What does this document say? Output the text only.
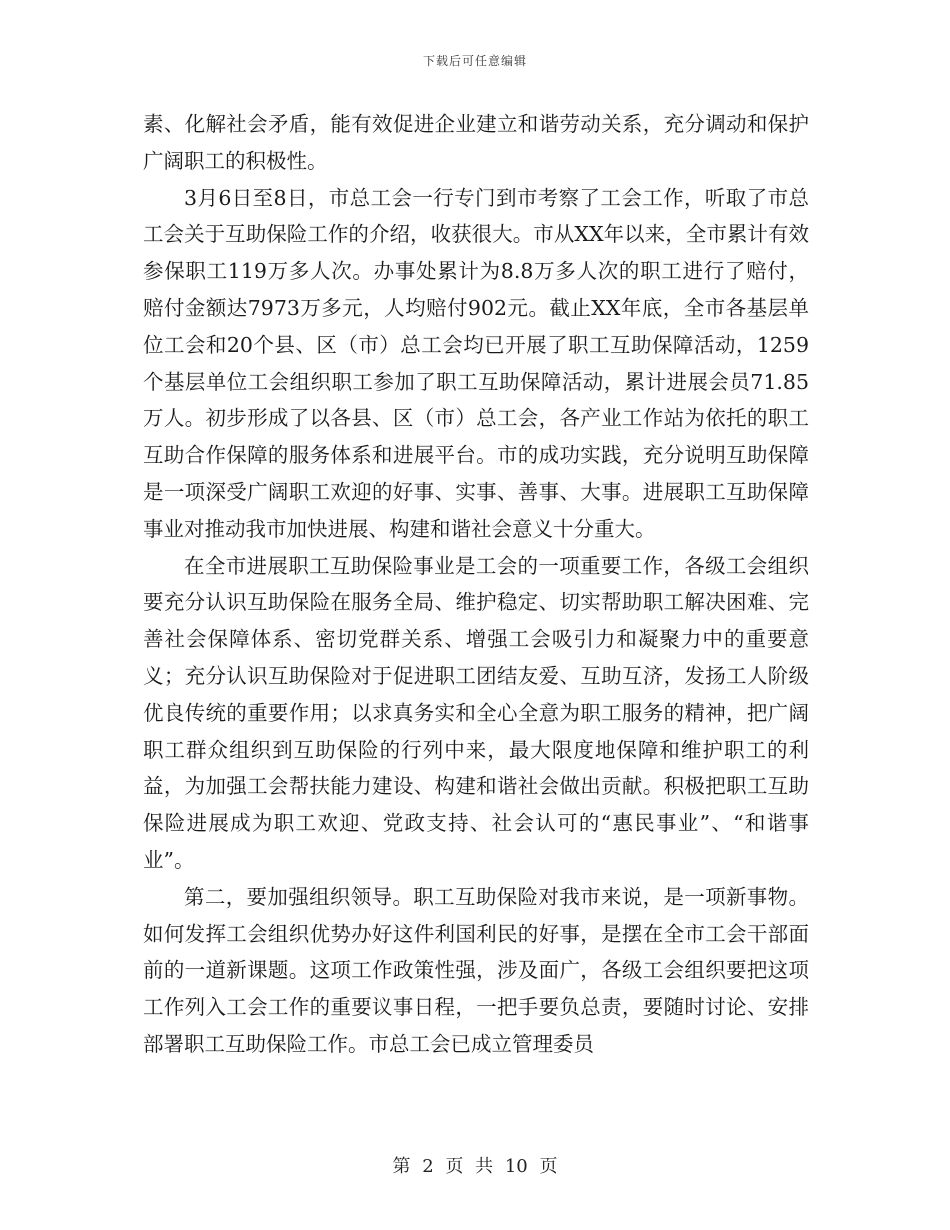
下载后可任意编辑

素、化解社会矛盾，能有效促进企业建立和谐劳动关系，充分调动和保护广阔职工的积极性。

3月6日至8日，市总工会一行专门到市考察了工会工作，听取了市总工会关于互助保险工作的介绍，收获很大。市从XX年以来，全市累计有效参保职工119万多人次。办事处累计为8.8万多人次的职工进行了赔付，赔付金额达7973万多元，人均赔付902元。截止XX年底，全市各基层单位工会和20个县、区（市）总工会均已开展了职工互助保障活动，1259个基层单位工会组织职工参加了职工互助保障活动，累计进展会员71.85万人。初步形成了以各县、区（市）总工会，各产业工作站为依托的职工互助合作保障的服务体系和进展平台。市的成功实践，充分说明互助保障是一项深受广阔职工欢迎的好事、实事、善事、大事。进展职工互助保障事业对推动我市加快进展、构建和谐社会意义十分重大。

在全市进展职工互助保险事业是工会的一项重要工作，各级工会组织要充分认识互助保险在服务全局、维护稳定、切实帮助职工解决困难、完善社会保障体系、密切党群关系、增强工会吸引力和凝聚力中的重要意义；充分认识互助保险对于促进职工团结友爱、互助互济，发扬工人阶级优良传统的重要作用；以求真务实和全心全意为职工服务的精神，把广阔职工群众组织到互助保险的行列中来，最大限度地保障和维护职工的利益，为加强工会帮扶能力建设、构建和谐社会做出贡献。积极把职工互助保险进展成为职工欢迎、党政支持、社会认可的“惠民事业”、“和谐事业”。

第二，要加强组织领导。职工互助保险对我市来说，是一项新事物。如何发挥工会组织优势办好这件利国利民的好事，是摆在全市工会干部面前的一道新课题。这项工作政策性强，涉及面广，各级工会组织要把这项工作列入工会工作的重要议事日程，一把手要负总责，要随时讨论、安排部署职工互助保险工作。市总工会已成立管理委员

第 2 页 共 10 页
